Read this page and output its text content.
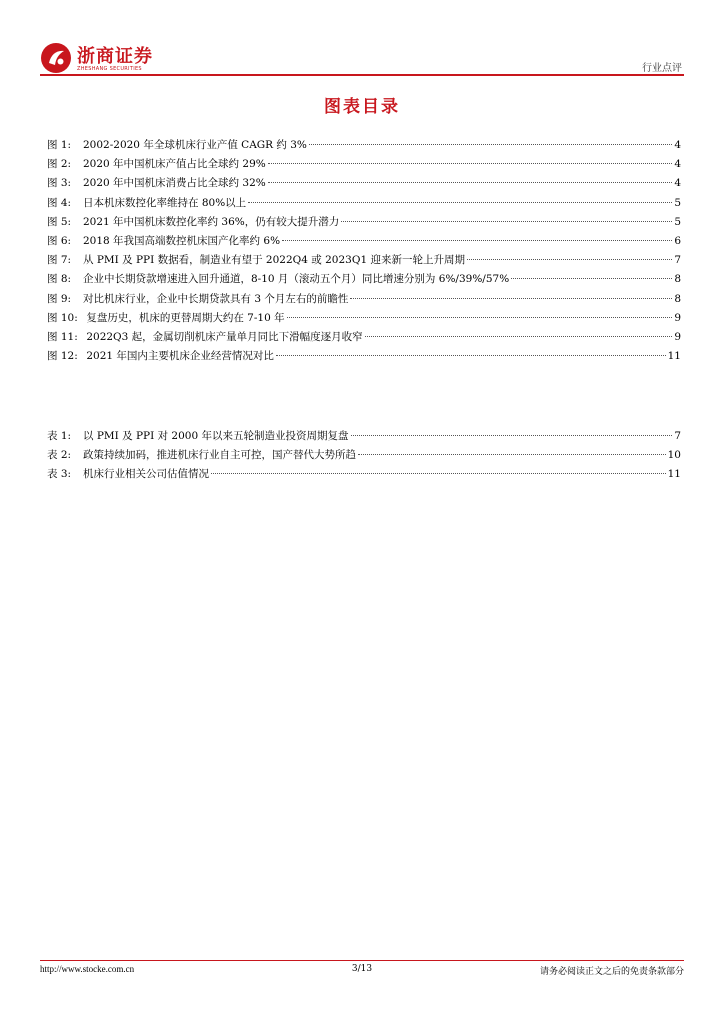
浙商证券
ZHESHANG SECURITIES	行业点评
图表目录
图 1: 2002-2020 年全球机床行业产值 CAGR 约 3%	4
图 2: 2020 年中国机床产值占比全球约 29%	4
图 3: 2020 年中国机床消费占比全球约 32%	4
图 4: 日本机床数控化率维持在 80%以上	5
图 5: 2021 年中国机床数控化率约 36%，仍有较大提升潜力	5
图 6: 2018 年我国高端数控机床国产化率约 6%	6
图 7: 从 PMI 及 PPI 数据看，制造业有望于 2022Q4 或 2023Q1 迎来新一轮上升周期	7
图 8: 企业中长期贷款增速进入回升通道，8-10 月（滚动五个月）同比增速分别为 6%/39%/57%	8
图 9: 对比机床行业，企业中长期贷款具有 3 个月左右的前瞻性	8
图 10: 复盘历史，机床的更替周期大约在 7-10 年	9
图 11: 2022Q3 起，金属切削机床产量单月同比下滑幅度逐月收窄	9
图 12: 2021 年国内主要机床企业经营情况对比	11
表 1: 以 PMI 及 PPI 对 2000 年以来五轮制造业投资周期复盘	7
表 2: 政策持续加码，推进机床行业自主可控，国产替代大势所趋	10
表 3: 机床行业相关公司估值情况	11
http://www.stocke.com.cn	3/13	请务必阅读正文之后的免责条款部分
